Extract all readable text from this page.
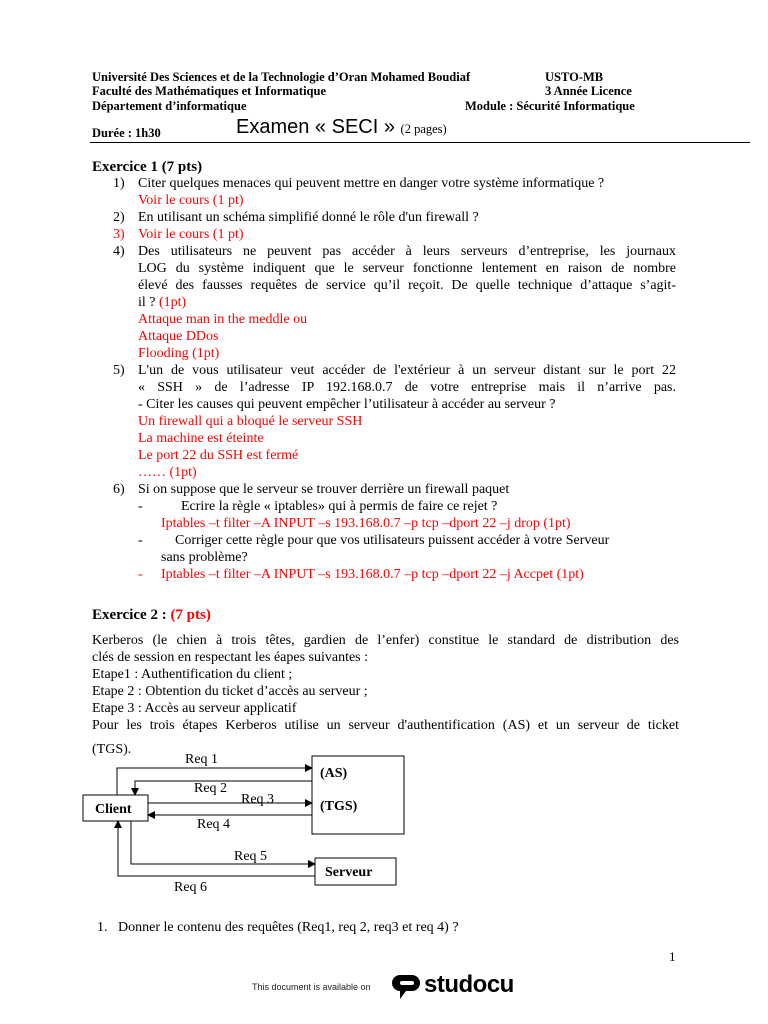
Université Des Sciences et de la Technologie d’Oran Mohamed Boudiaf	USTO-MB
Faculté des Mathématiques et Informatique	3 Année Licence
Département d’informatique	Module : Sécurité Informatique
Durée : 1h30	Examen « SECI » (2 pages)
Exercice 1 (7 pts)
1) Citer quelques menaces qui peuvent mettre en danger votre système informatique ?
Voir le cours (1 pt)
2) En utilisant un schéma simplifié donné le rôle d'un firewall ?
3) Voir le cours (1 pt)
4) Des utilisateurs ne peuvent pas accéder à leurs serveurs d’entreprise, les journaux
LOG du système indiquent que le serveur fonctionne lentement en raison de nombre
élevé des fausses requêtes de service qu’il reçoit. De quelle technique d’attaque s’agit-
il ? (1pt)
Attaque man in the meddle ou
Attaque DDos
Flooding (1pt)
5) L'un de vous utilisateur veut accéder de l'extérieur à un serveur distant sur le port 22
« SSH » de l’adresse IP 192.168.0.7 de votre entreprise mais il n’arrive pas.
- Citer les causes qui peuvent empêcher l’utilisateur à accéder au serveur ?
Un firewall qui a bloqué le serveur SSH
La machine est éteinte
Le port 22 du SSH est fermé
…… (1pt)
6) Si on suppose que le serveur se trouver derrière un firewall paquet
-	Ecrire la règle « iptables» qui à permis de faire ce rejet ?
Iptables –t filter –A INPUT –s 193.168.0.7 –p tcp –dport 22 –j drop (1pt)
- Corriger cette règle pour que vos utilisateurs puissent accéder à votre Serveur
sans problème?
- Iptables –t filter –A INPUT –s 193.168.0.7 –p tcp –dport 22 –j Accpet (1pt)
Exercice 2 : (7 pts)
Kerberos (le chien à trois têtes, gardien de l’enfer) constitue le standard de distribution des
clés de session en respectant les éapes suivantes :
Etape1 : Authentification du client ;
Etape 2 : Obtention du ticket d’accès au serveur ;
Etape 3 : Accès au serveur applicatif
Pour les trois étapes Kerberos utilise un serveur d'authentification (AS) et un serveur de ticket
(TGS).
(AS)
(TGS)
Client
Serveur
Req 1
Req 2
Req 3
Req 4
Req 5
Req 6
1. Donner le contenu des requêtes (Req1, req 2, req3 et req 4) ?
1
This document is available on studocu
